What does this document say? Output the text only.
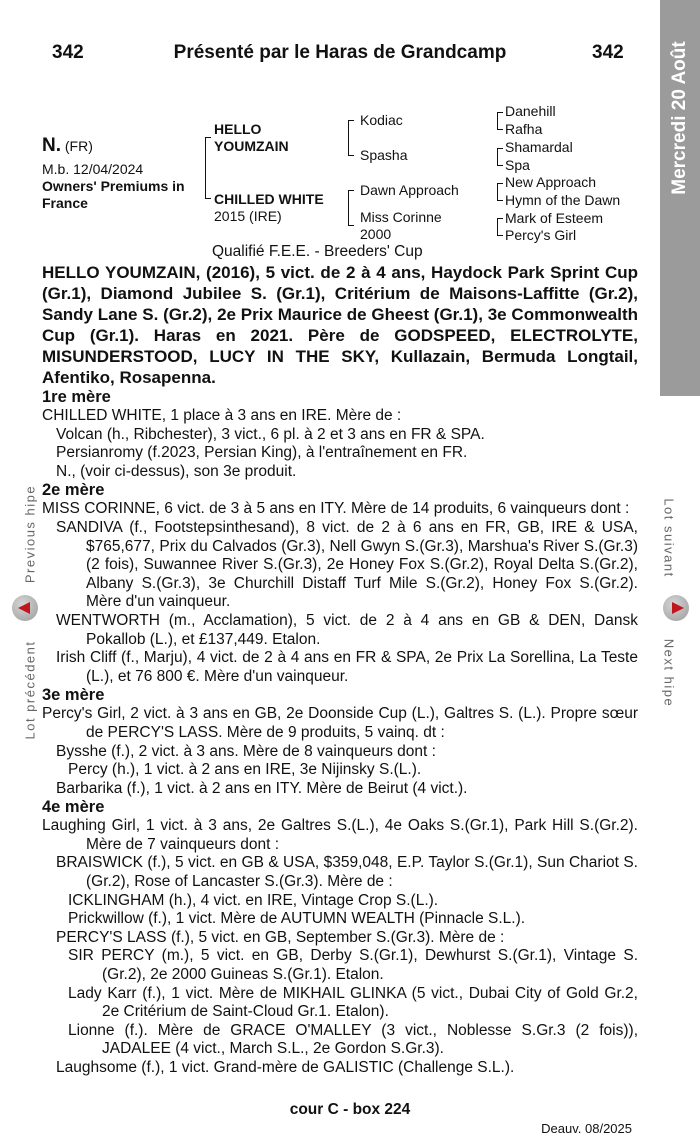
342	Présenté par le Haras de Grandcamp	342 Mercredi 20 Août
Previous hipe
Lot précédent
Lot suivant
Next hipe
N. (FR)
M.b. 12/04/2024
Owners' Premiums in France
HELLO YOUMZAIN
CHILLED WHITE
2015 (IRE)
Kodiac
Spasha
Dawn Approach
Miss Corinne 2000
Danehill
Rafha
Shamardal
Spa
New Approach
Hymn of the Dawn
Mark of Esteem
Percy's Girl
Qualifié F.E.E. - Breeders' Cup

HELLO YOUMZAIN, (2016), 5 vict. de 2 à 4 ans, Haydock Park Sprint Cup (Gr.1), Diamond Jubilee S. (Gr.1), Critérium de Maisons-Laffitte (Gr.2), Sandy Lane S. (Gr.2), 2e Prix Maurice de Gheest (Gr.1), 3e Commonwealth Cup (Gr.1). Haras en 2021. Père de GODSPEED, ELECTROLYTE, MISUNDERSTOOD, LUCY IN THE SKY, Kullazain, Bermuda Longtail, Afentiko, Rosapenna.

1re mère

CHILLED WHITE, 1 place à 3 ans en IRE. Mère de :

Volcan (h., Ribchester), 3 vict., 6 pl. à 2 et 3 ans en FR & SPA.

Persianromy (f.2023, Persian King), à l'entraînement en FR.

N., (voir ci-dessus), son 3e produit.

2e mère

MISS CORINNE, 6 vict. de 3 à 5 ans en ITY. Mère de 14 produits, 6 vainqueurs dont :

SANDIVA (f., Footstepsinthesand), 8 vict. de 2 à 6 ans en FR, GB, IRE & USA, $765,677, Prix du Calvados (Gr.3), Nell Gwyn S.(Gr.3), Marshua's River S.(Gr.3) (2 fois), Suwannee River S.(Gr.3), 2e Honey Fox S.(Gr.2), Royal Delta S.(Gr.2), Albany S.(Gr.3), 3e Churchill Distaff Turf Mile S.(Gr.2), Honey Fox S.(Gr.2). Mère d'un vainqueur.

WENTWORTH (m., Acclamation), 5 vict. de 2 à 4 ans en GB & DEN, Dansk Pokallob (L.), et £137,449. Etalon.

Irish Cliff (f., Marju), 4 vict. de 2 à 4 ans en FR & SPA, 2e Prix La Sorellina, La Teste (L.), et 76 800 €. Mère d'un vainqueur.

3e mère

Percy's Girl, 2 vict. à 3 ans en GB, 2e Doonside Cup (L.), Galtres S. (L.). Propre sœur de PERCY'S LASS. Mère de 9 produits, 5 vainq. dt :

Bysshe (f.), 2 vict. à 3 ans. Mère de 8 vainqueurs dont :

Percy (h.), 1 vict. à 2 ans en IRE, 3e Nijinsky S.(L.).

Barbarika (f.), 1 vict. à 2 ans en ITY. Mère de Beirut (4 vict.).

4e mère

Laughing Girl, 1 vict. à 3 ans, 2e Galtres S.(L.), 4e Oaks S.(Gr.1), Park Hill S.(Gr.2). Mère de 7 vainqueurs dont :

BRAISWICK (f.), 5 vict. en GB & USA, $359,048, E.P. Taylor S.(Gr.1), Sun Chariot S.(Gr.2), Rose of Lancaster S.(Gr.3). Mère de :

ICKLINGHAM (h.), 4 vict. en IRE, Vintage Crop S.(L.).

Prickwillow (f.), 1 vict. Mère de AUTUMN WEALTH (Pinnacle S.L.).

PERCY'S LASS (f.), 5 vict. en GB, September S.(Gr.3). Mère de :

SIR PERCY (m.), 5 vict. en GB, Derby S.(Gr.1), Dewhurst S.(Gr.1), Vintage S.(Gr.2), 2e 2000 Guineas S.(Gr.1). Etalon.

Lady Karr (f.), 1 vict. Mère de MIKHAIL GLINKA (5 vict., Dubai City of Gold Gr.2, 2e Critérium de Saint-Cloud Gr.1. Etalon).

Lionne (f.). Mère de GRACE O'MALLEY (3 vict., Noblesse S.Gr.3 (2 fois)), JADALEE (4 vict., March S.L., 2e Gordon S.Gr.3).

Laughsome (f.), 1 vict. Grand-mère de GALISTIC (Challenge S.L.).

cour C - box 224
Deauv. 08/2025
